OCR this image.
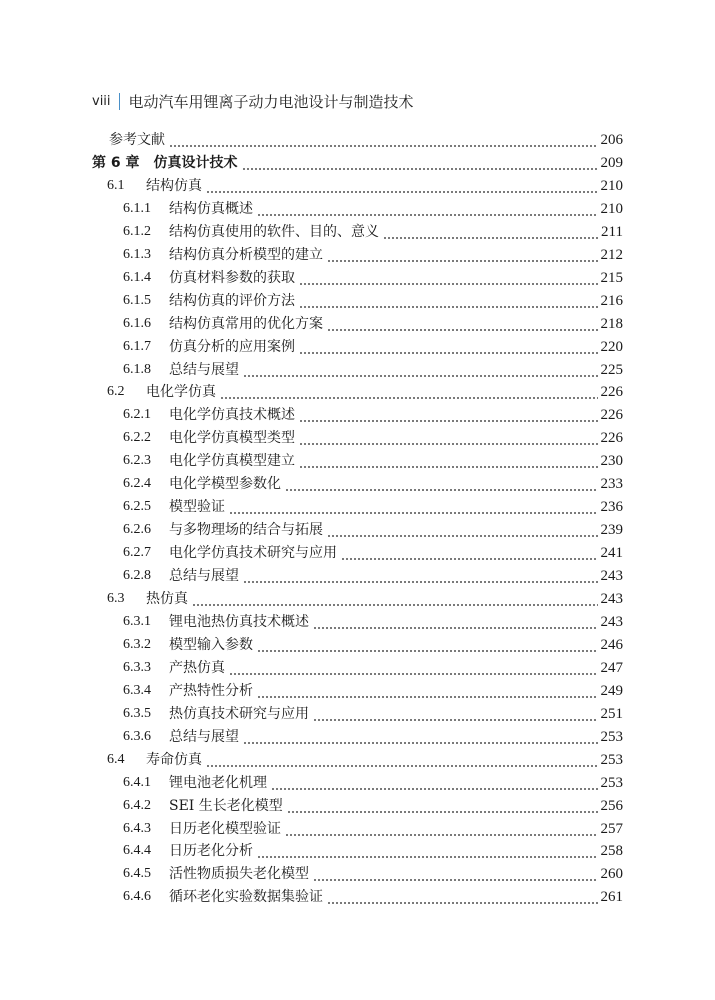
viii 电动汽车用锂离子动力电池设计与制造技术
参考文献	206
第 6 章 仿真设计技术	209
6.1	结构仿真	210
6.1.1	结构仿真概述	210
6.1.2	结构仿真使用的软件、目的、意义	211
6.1.3	结构仿真分析模型的建立	212
6.1.4	仿真材料参数的获取	215
6.1.5	结构仿真的评价方法	216
6.1.6	结构仿真常用的优化方案	218
6.1.7	仿真分析的应用案例	220
6.1.8	总结与展望	225
6.2	电化学仿真	226
6.2.1	电化学仿真技术概述	226
6.2.2	电化学仿真模型类型	226
6.2.3	电化学仿真模型建立	230
6.2.4	电化学模型参数化	233
6.2.5	模型验证	236
6.2.6	与多物理场的结合与拓展	239
6.2.7	电化学仿真技术研究与应用	241
6.2.8	总结与展望	243
6.3	热仿真	243
6.3.1	锂电池热仿真技术概述	243
6.3.2	模型输入参数	246
6.3.3	产热仿真	247
6.3.4	产热特性分析	249
6.3.5	热仿真技术研究与应用	251
6.3.6	总结与展望	253
6.4	寿命仿真	253
6.4.1	锂电池老化机理	253
6.4.2	SEI 生长老化模型	256
6.4.3	日历老化模型验证	257
6.4.4	日历老化分析	258
6.4.5	活性物质损失老化模型	260
6.4.6	循环老化实验数据集验证	261
